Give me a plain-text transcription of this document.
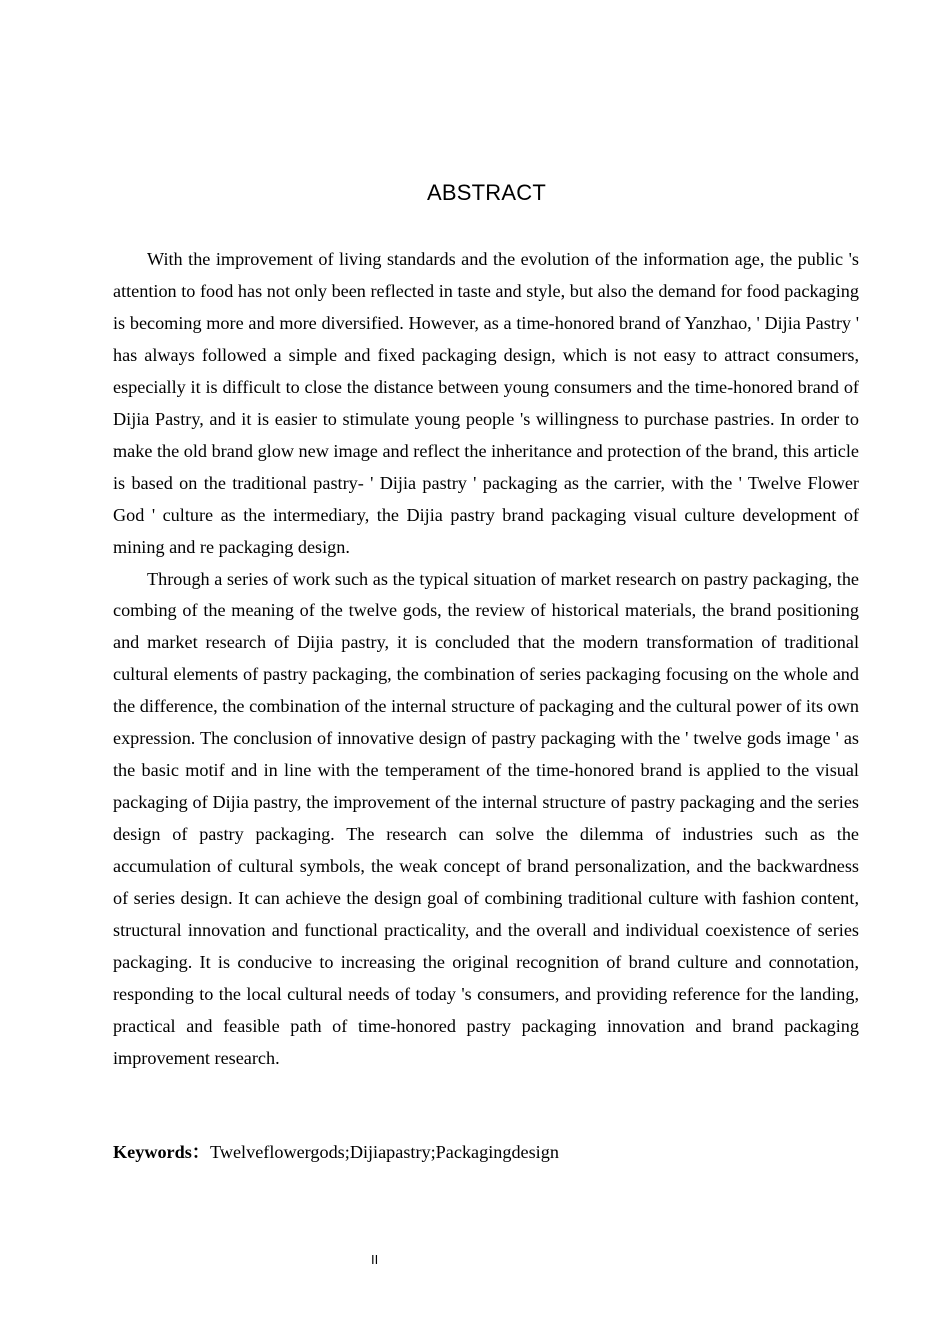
ABSTRACT

With the improvement of living standards and the evolution of the information age, the public 's attention to food has not only been reflected in taste and style, but also the demand for food packaging is becoming more and more diversified. However, as a time-honored brand of Yanzhao, ' Dijia Pastry ' has always followed a simple and fixed packaging design, which is not easy to attract consumers, especially it is difficult to close the distance between young consumers and the time-honored brand of Dijia Pastry, and it is easier to stimulate young people 's willingness to purchase pastries. In order to make the old brand glow new image and reflect the inheritance and protection of the brand, this article is based on the traditional pastry- ' Dijia pastry ' packaging as the carrier, with the ' Twelve Flower God ' culture as the intermediary, the Dijia pastry brand packaging visual culture development of mining and re packaging design.

Through a series of work such as the typical situation of market research on pastry packaging, the combing of the meaning of the twelve gods, the review of historical materials, the brand positioning and market research of Dijia pastry, it is concluded that the modern transformation of traditional cultural elements of pastry packaging, the combination of series packaging focusing on the whole and the difference, the combination of the internal structure of packaging and the cultural power of its own expression. The conclusion of innovative design of pastry packaging with the ' twelve gods image ' as the basic motif and in line with the temperament of the time-honored brand is applied to the visual packaging of Dijia pastry, the improvement of the internal structure of pastry packaging and the series design of pastry packaging. The research can solve the dilemma of industries such as the accumulation of cultural symbols, the weak concept of brand personalization, and the backwardness of series design. It can achieve the design goal of combining traditional culture with fashion content, structural innovation and functional practicality, and the overall and individual coexistence of series packaging. It is conducive to increasing the original recognition of brand culture and connotation, responding to the local cultural needs of today 's consumers, and providing reference for the landing, practical and feasible path of time-honored pastry packaging innovation and brand packaging improvement research.

Keywords：Twelveflowergods;Dijiapastry;Packagingdesign
II
